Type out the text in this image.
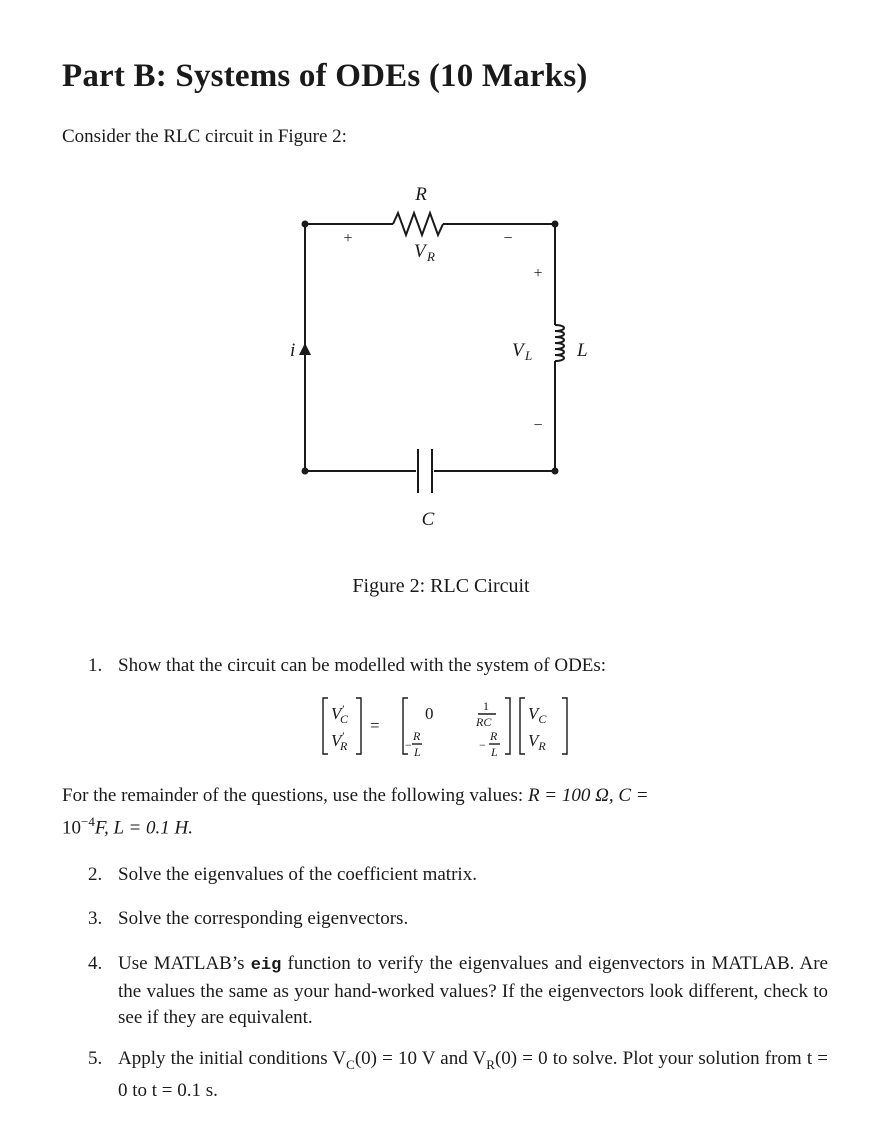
Part B: Systems of ODEs (10 Marks)

Consider the RLC circuit in Figure 2:

R
V R
+	−
+
−
V L L
i
C
Figure 2: RLC Circuit
1. Show that the circuit can be modelled with the system of ODEs:
V′ C
V′ R
=
0
−
R
L
1
RC
−
R
L
$V_C$
$V_R$

For the remainder of the questions, use the following values: R = 100 Ω, C =
$10^{-4}F$, L = 0.1 H.

2. Solve the eigenvalues of the coefficient matrix.
3. Solve the corresponding eigenvectors.
4. Use MATLAB’s eig function to verify the eigenvalues and eigenvectors in MATLAB. Are the values the same as your hand-worked values? If the eigenvectors look different, check to see if they are equivalent.
5. Apply the initial conditions $V_C(0) = 10$ V and $V_R(0) = 0$ to solve. Plot your solution from t = 0 to t = 0.1 s.
